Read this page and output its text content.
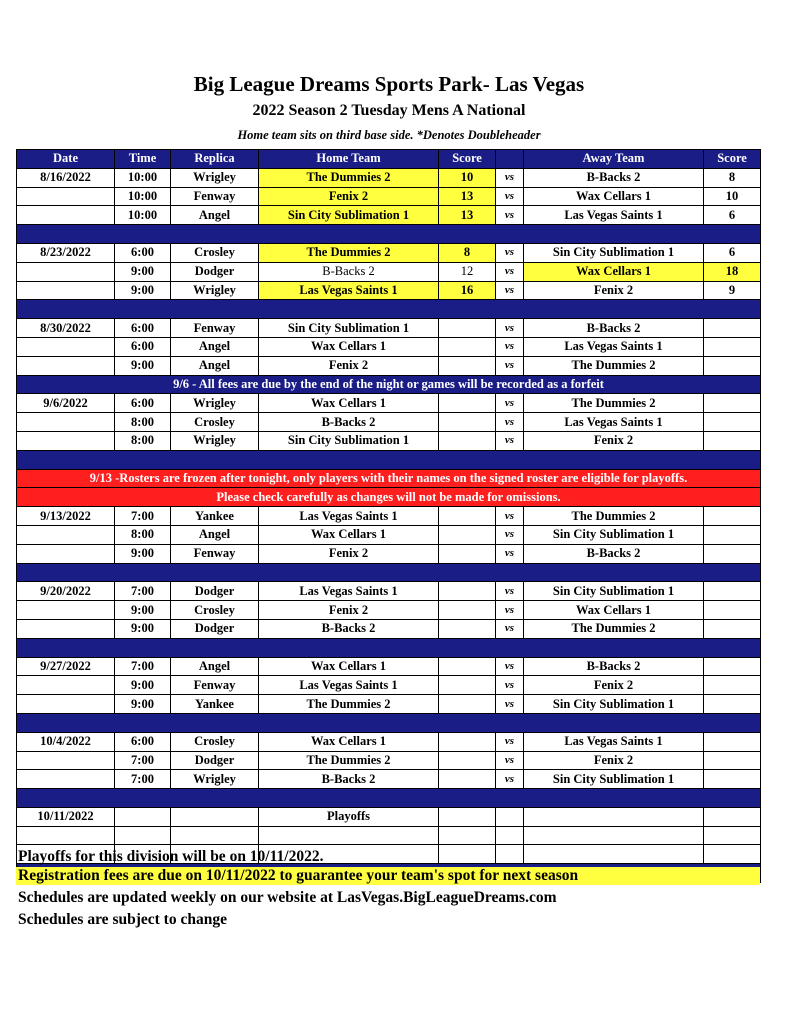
Big League Dreams Sports Park- Las Vegas
2022 Season 2 Tuesday Mens A National
Home team sits on third base side. *Denotes Doubleheader
Date	Time	Replica	Home Team	Score		Away Team	Score
8/16/2022	10:00	Wrigley	The Dummies 2	10	vs	B-Backs 2	8
	10:00	Fenway	Fenix 2	13	vs	Wax Cellars 1	10
	10:00	Angel	Sin City Sublimation 1	13	vs	Las Vegas Saints 1	6

8/23/2022	6:00	Crosley	The Dummies 2	8	vs	Sin City Sublimation 1	6
	9:00	Dodger	B-Backs 2	12	vs	Wax Cellars 1	18
	9:00	Wrigley	Las Vegas Saints 1	16	vs	Fenix 2	9

8/30/2022	6:00	Fenway	Sin City Sublimation 1		vs	B-Backs 2	
	6:00	Angel	Wax Cellars 1		vs	Las Vegas Saints 1	
	9:00	Angel	Fenix 2		vs	The Dummies 2	
9/6 - All fees are due by the end of the night or games will be recorded as a forfeit							
9/6/2022	6:00	Wrigley	Wax Cellars 1		vs	The Dummies 2	
	8:00	Crosley	B-Backs 2		vs	Las Vegas Saints 1	
	8:00	Wrigley	Sin City Sublimation 1		vs	Fenix 2	

9/13 -Rosters are frozen after tonight, only players with their names on the signed roster are eligible for playoffs.							
Please check carefully as changes will not be made for omissions.							
9/13/2022	7:00	Yankee	Las Vegas Saints 1		vs	The Dummies 2	
	8:00	Angel	Wax Cellars 1		vs	Sin City Sublimation 1	
	9:00	Fenway	Fenix 2		vs	B-Backs 2	

9/20/2022	7:00	Dodger	Las Vegas Saints 1		vs	Sin City Sublimation 1	
	9:00	Crosley	Fenix 2		vs	Wax Cellars 1	
	9:00	Dodger	B-Backs 2		vs	The Dummies 2	

9/27/2022	7:00	Angel	Wax Cellars 1		vs	B-Backs 2	
	9:00	Fenway	Las Vegas Saints 1		vs	Fenix 2	
	9:00	Yankee	The Dummies 2		vs	Sin City Sublimation 1	

10/4/2022	6:00	Crosley	Wax Cellars 1		vs	Las Vegas Saints 1	
	7:00	Dodger	The Dummies 2		vs	Fenix 2	
	7:00	Wrigley	B-Backs 2		vs	Sin City Sublimation 1	

10/11/2022			Playoffs				

Playoffs for this division will be on 10/11/2022.
Registration fees are due on 10/11/2022 to guarantee your team's spot for next season
Schedules are updated weekly on our website at LasVegas.BigLeagueDreams.com
Schedules are subject to change
